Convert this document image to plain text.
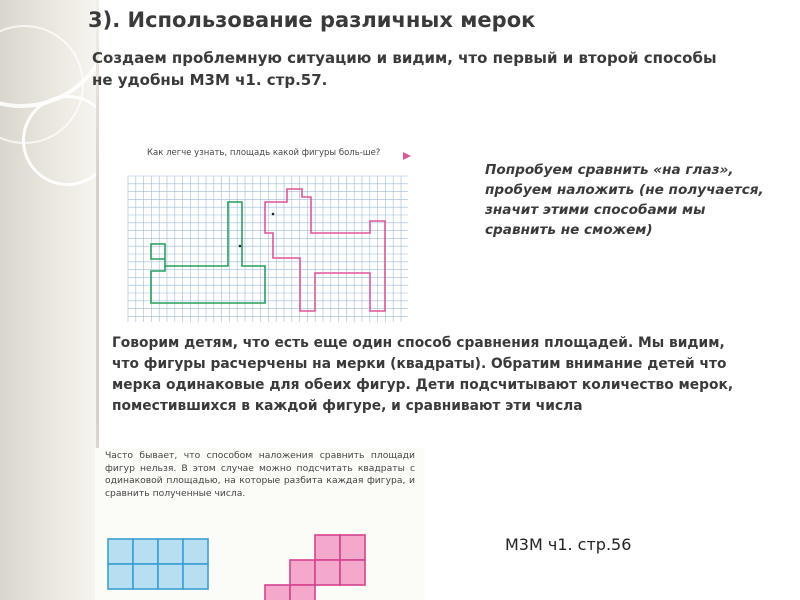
3). Использование различных мерок

Создаем проблемную ситуацию и видим, что первый и второй способы не удобны М3М ч1. стр.57.

Как легче узнать, площадь какой фигуры боль-ше?

Попробуем сравнить «на глаз», пробуем наложить (не получается, значит этими способами мы сравнить не сможем)

Говорим детям, что есть еще один способ сравнения площадей. Мы видим, что фигуры расчерчены на мерки (квадраты). Обратим внимание детей что мерка одинаковые для обеих фигур. Дети подсчитывают количество мерок, поместившихся в каждой фигуре, и сравнивают эти числа

Часто бывает, что способом наложения сравнить площади фигур нельзя. В этом случае можно подсчитать квадраты с одинаковой площадью, на которые разбита каждая фигура, и сравнить полученные числа.

М3М ч1. стр.56
